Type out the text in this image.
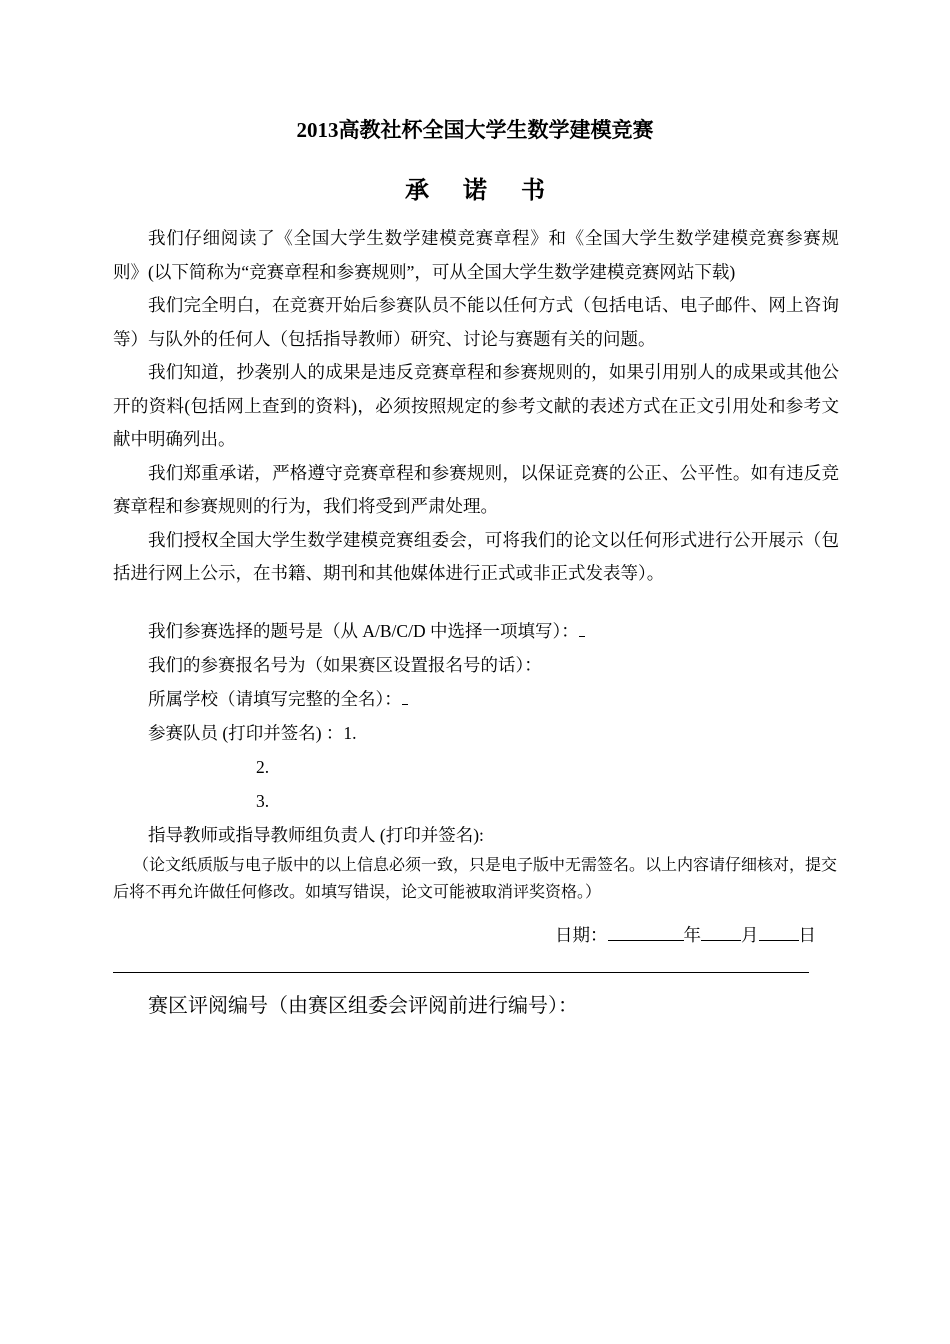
2013高教社杯全国大学生数学建模竞赛
承 诺 书

我们仔细阅读了《全国大学生数学建模竞赛章程》和《全国大学生数学建模竞赛参赛规则》(以下简称为“竞赛章程和参赛规则”，可从全国大学生数学建模竞赛网站下载)

我们完全明白，在竞赛开始后参赛队员不能以任何方式（包括电话、电子邮件、网上咨询等）与队外的任何人（包括指导教师）研究、讨论与赛题有关的问题。

我们知道，抄袭别人的成果是违反竞赛章程和参赛规则的，如果引用别人的成果或其他公开的资料(包括网上查到的资料)，必须按照规定的参考文献的表述方式在正文引用处和参考文献中明确列出。

我们郑重承诺，严格遵守竞赛章程和参赛规则，以保证竞赛的公正、公平性。如有违反竞赛章程和参赛规则的行为，我们将受到严肃处理。

我们授权全国大学生数学建模竞赛组委会，可将我们的论文以任何形式进行公开展示（包括进行网上公示，在书籍、期刊和其他媒体进行正式或非正式发表等）。

我们参赛选择的题号是（从 A/B/C/D 中选择一项填写）：
我们的参赛报名号为（如果赛区设置报名号的话）：
所属学校（请填写完整的全名）：
参赛队员 (打印并签名) ：1.
2.
3.
指导教师或指导教师组负责人 (打印并签名):

（论文纸质版与电子版中的以上信息必须一致，只是电子版中无需签名。以上内容请仔细核对，提交后将不再允许做任何修改。如填写错误，论文可能被取消评奖资格。）

日期：	年 月 日
赛区评阅编号（由赛区组委会评阅前进行编号）：
